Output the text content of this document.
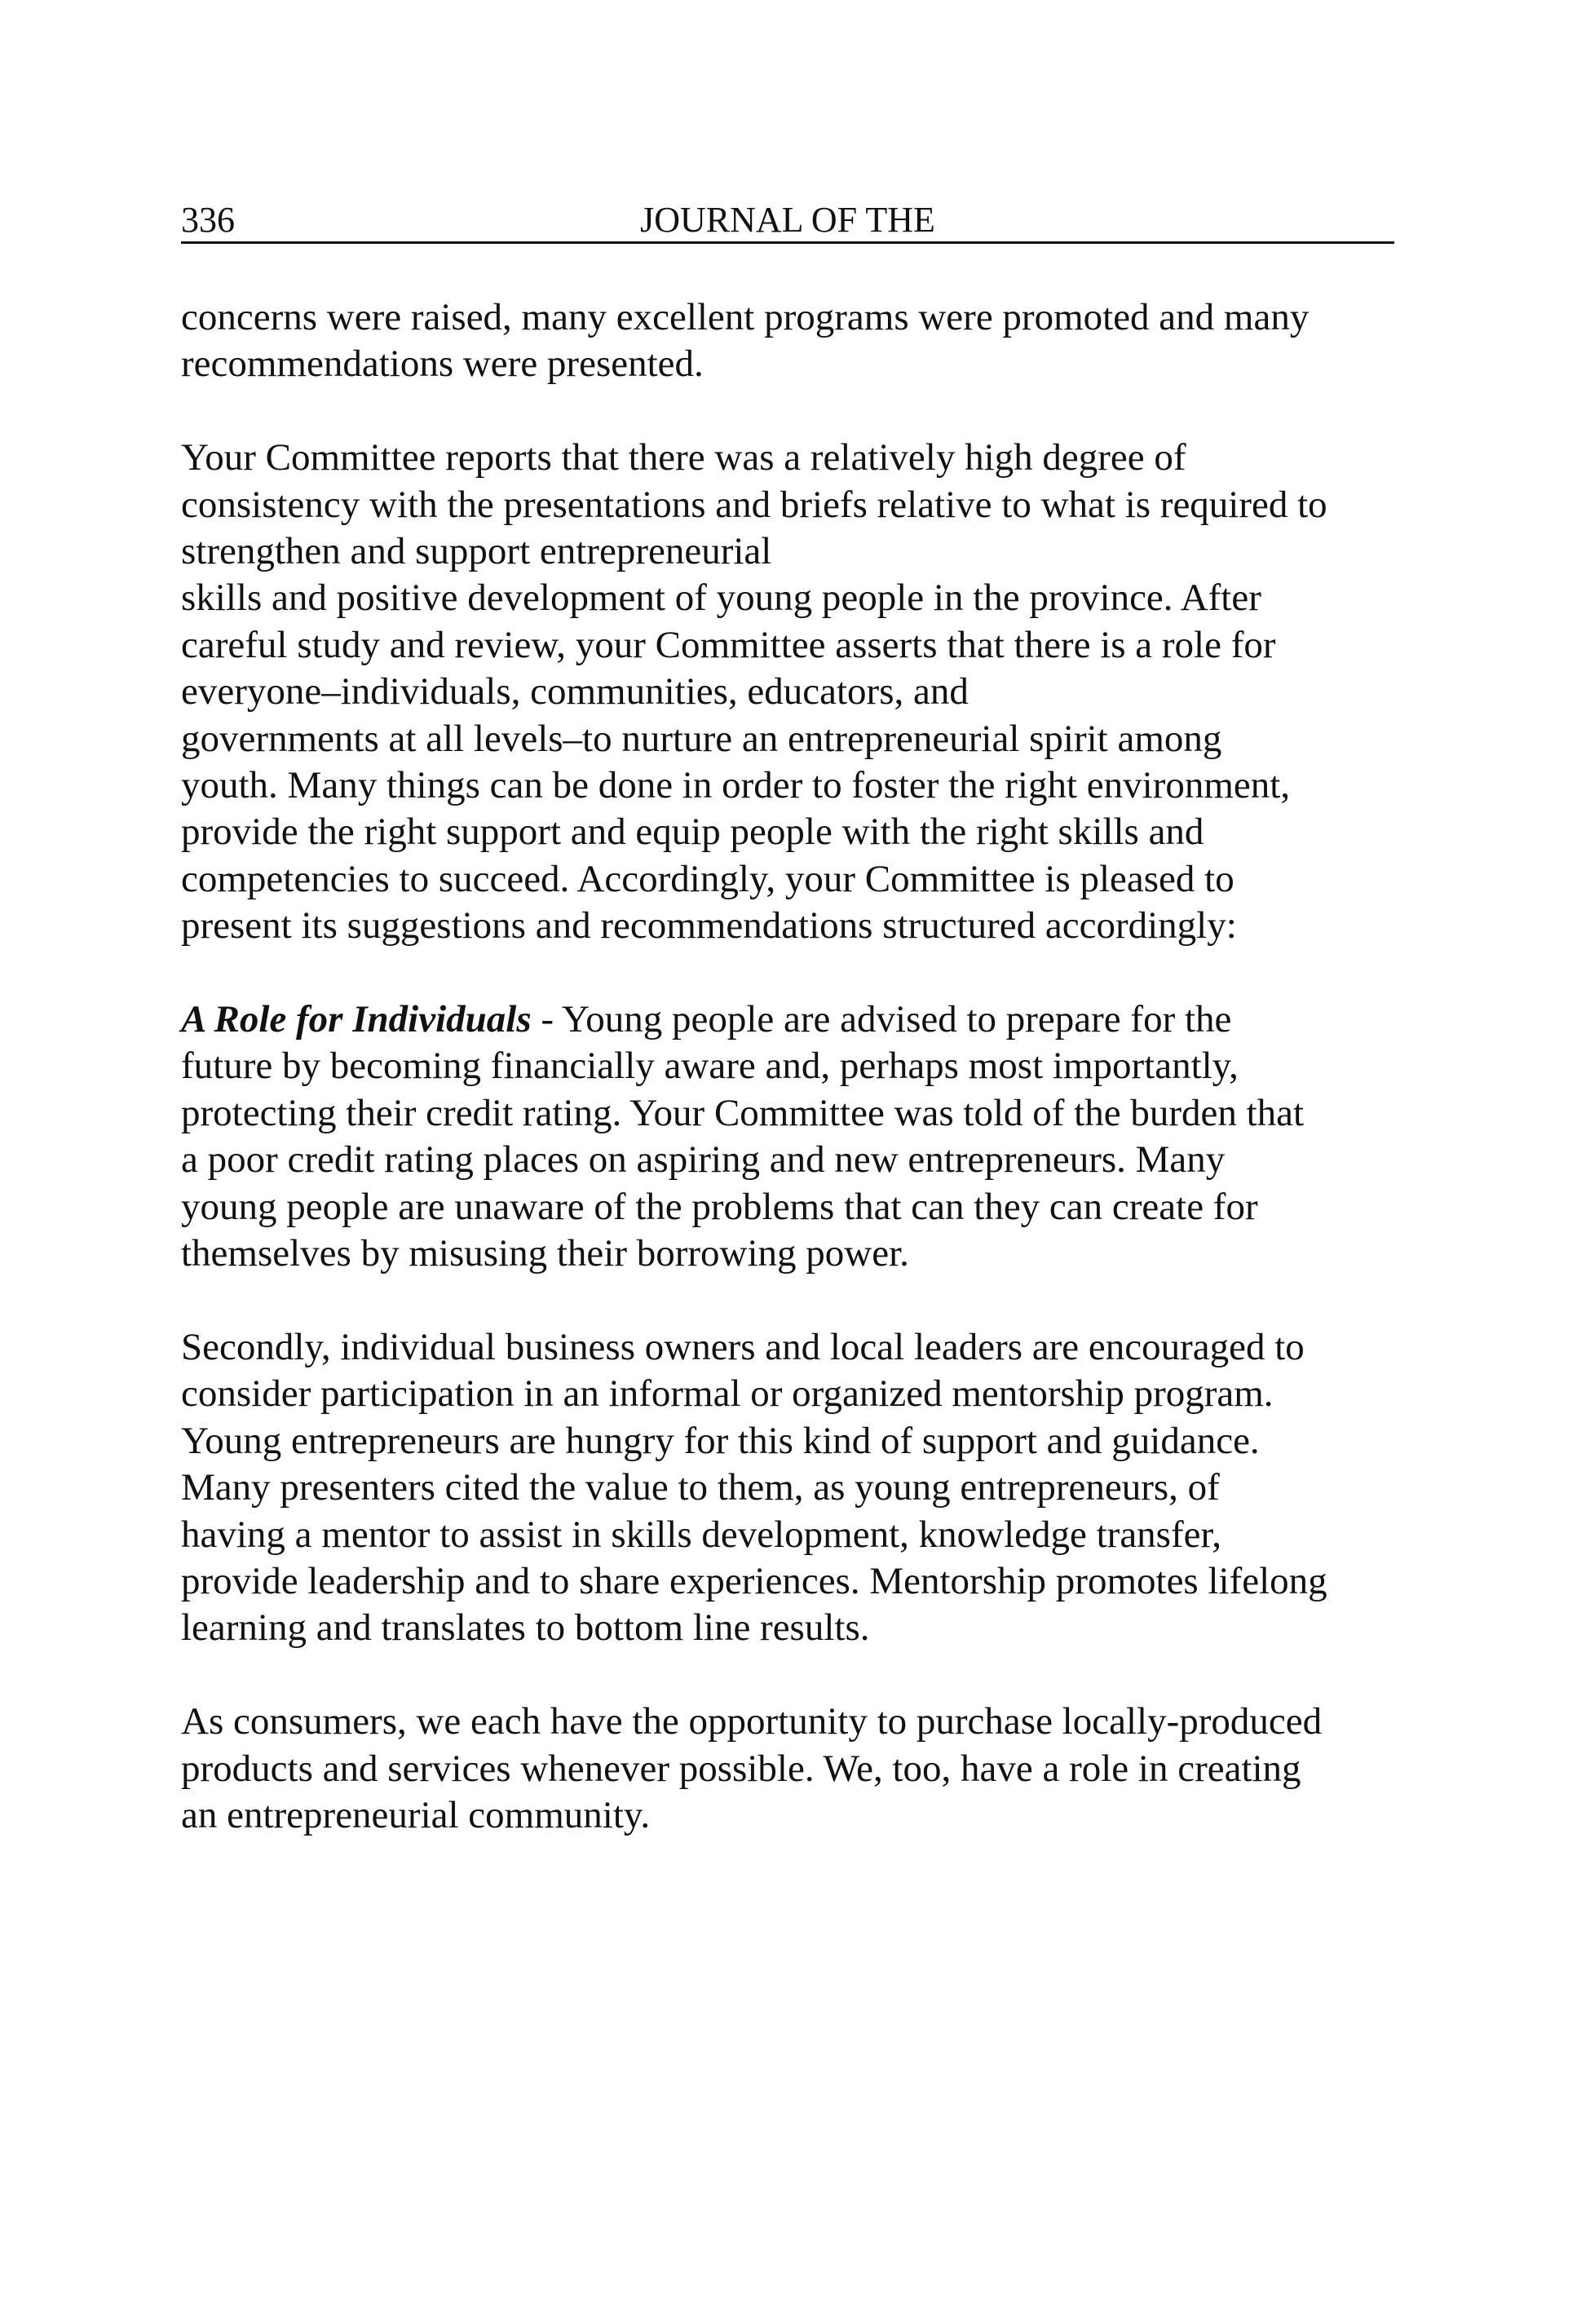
336	JOURNAL OF THE

concerns were raised, many excellent programs were promoted and many
recommendations were presented.

Your Committee reports that there was a relatively high degree of
consistency with the presentations and briefs relative to what is required to
strengthen and support entrepreneurial
skills and positive development of young people in the province. After
careful study and review, your Committee asserts that there is a role for
everyone–individuals, communities, educators, and
governments at all levels–to nurture an entrepreneurial spirit among
youth. Many things can be done in order to foster the right environment,
provide the right support and equip people with the right skills and
competencies to succeed. Accordingly, your Committee is pleased to
present its suggestions and recommendations structured accordingly:

A Role for Individuals - Young people are advised to prepare for the
future by becoming financially aware and, perhaps most importantly,
protecting their credit rating. Your Committee was told of the burden that
a poor credit rating places on aspiring and new entrepreneurs. Many
young people are unaware of the problems that can they can create for
themselves by misusing their borrowing power.

Secondly, individual business owners and local leaders are encouraged to
consider participation in an informal or organized mentorship program.
Young entrepreneurs are hungry for this kind of support and guidance.
Many presenters cited the value to them, as young entrepreneurs, of
having a mentor to assist in skills development, knowledge transfer,
provide leadership and to share experiences. Mentorship promotes lifelong
learning and translates to bottom line results.

As consumers, we each have the opportunity to purchase locally-produced
products and services whenever possible. We, too, have a role in creating
an entrepreneurial community.
